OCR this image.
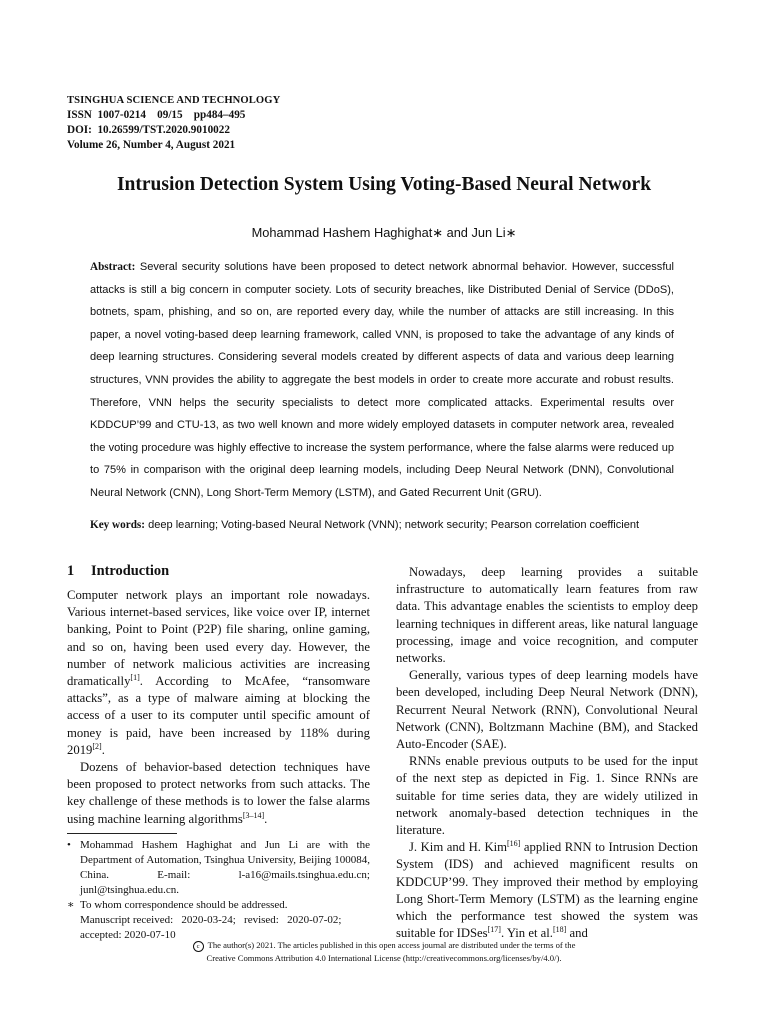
TSINGHUA SCIENCE AND TECHNOLOGY
ISSN  1007-0214    09/15    pp484–495
DOI:  10.26599/TST.2020.9010022
Volume 26, Number 4, August 2021
Intrusion Detection System Using Voting-Based Neural Network
Mohammad Hashem Haghighat∗ and Jun Li∗
Abstract: Several security solutions have been proposed to detect network abnormal behavior. However, successful attacks is still a big concern in computer society. Lots of security breaches, like Distributed Denial of Service (DDoS), botnets, spam, phishing, and so on, are reported every day, while the number of attacks are still increasing. In this paper, a novel voting-based deep learning framework, called VNN, is proposed to take the advantage of any kinds of deep learning structures. Considering several models created by different aspects of data and various deep learning structures, VNN provides the ability to aggregate the best models in order to create more accurate and robust results. Therefore, VNN helps the security specialists to detect more complicated attacks. Experimental results over KDDCUP’99 and CTU-13, as two well known and more widely employed datasets in computer network area, revealed the voting procedure was highly effective to increase the system performance, where the false alarms were reduced up to 75% in comparison with the original deep learning models, including Deep Neural Network (DNN), Convolutional Neural Network (CNN), Long Short-Term Memory (LSTM), and Gated Recurrent Unit (GRU).
Key words: deep learning; Voting-based Neural Network (VNN); network security; Pearson correlation coefficient
1 Introduction

Computer network plays an important role nowadays. Various internet-based services, like voice over IP, internet banking, Point to Point (P2P) file sharing, online gaming, and so on, having been used every day. However, the number of network malicious activities are increasing dramatically[1]. According to McAfee, “ransomware attacks”, as a type of malware aiming at blocking the access of a user to its computer until specific amount of money is paid, have been increased by 118% during 2019[2].

Dozens of behavior-based detection techniques have been proposed to protect networks from such attacks. The key challenge of these methods is to lower the false alarms using machine learning algorithms[3–14].

• Mohammad Hashem Haghighat and Jun Li are with the Department of Automation, Tsinghua University, Beijing 100084, China. E-mail: l-a16@mails.tsinghua.edu.cn; junl@tsinghua.edu.cn.

∗ To whom correspondence should be addressed.

Manuscript received:   2020-03-24;   revised:   2020-07-02;

accepted: 2020-07-10

Nowadays, deep learning provides a suitable infrastructure to automatically learn features from raw data. This advantage enables the scientists to employ deep learning techniques in different areas, like natural language processing, image and voice recognition, and computer networks.

Generally, various types of deep learning models have been developed, including Deep Neural Network (DNN), Recurrent Neural Network (RNN), Convolutional Neural Network (CNN), Boltzmann Machine (BM), and Stacked Auto-Encoder (SAE).

RNNs enable previous outputs to be used for the input of the next step as depicted in Fig. 1. Since RNNs are suitable for time series data, they are widely utilized in network anomaly-based detection techniques in the literature.

J. Kim and H. Kim[16] applied RNN to Intrusion Dection System (IDS) and achieved magnificent results on KDDCUP’99. They improved their method by employing Long Short-Term Memory (LSTM) as the learning engine which the performance test showed the system was suitable for IDSes[17]. Yin et al.[18] and

c The author(s) 2021. The articles published in this open access journal are distributed under the terms of the
Creative Commons Attribution 4.0 International License (http://creativecommons.org/licenses/by/4.0/).
